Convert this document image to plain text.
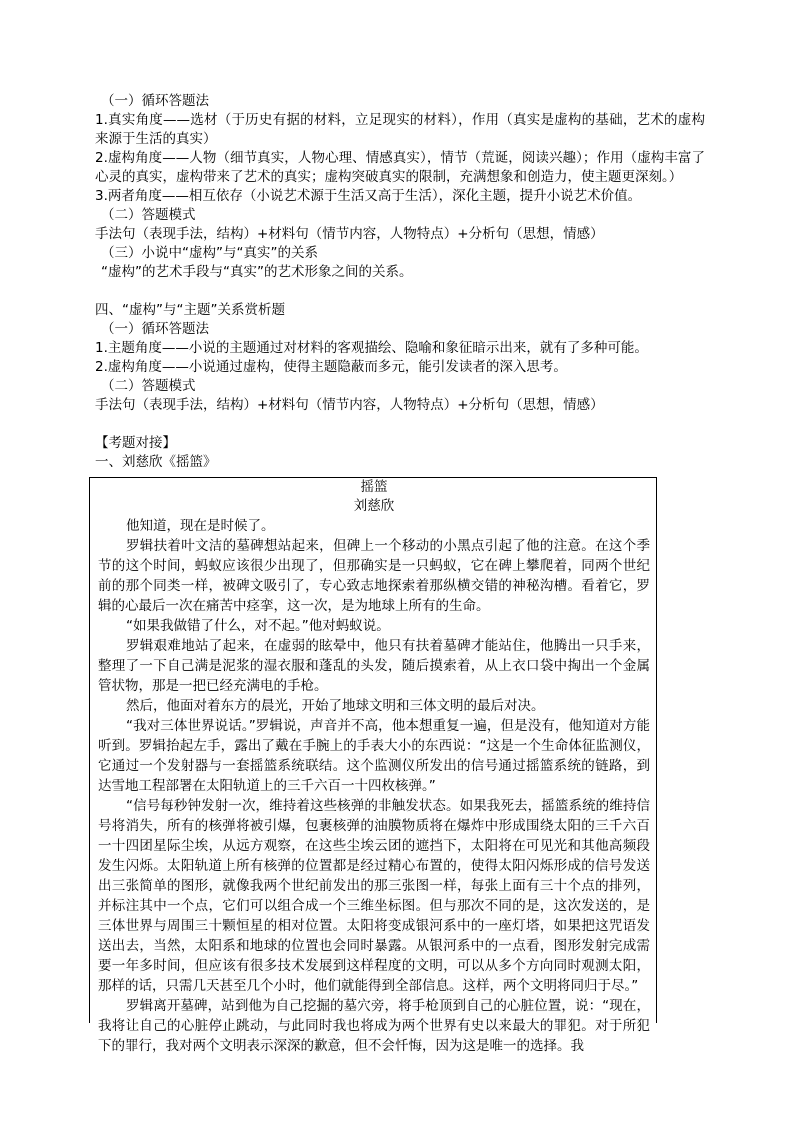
（一）循环答题法
1.真实角度——选材（于历史有据的材料，立足现实的材料），作用（真实是虚构的基础，艺术的虚构来源于生活的真实）
2.虚构角度——人物（细节真实，人物心理、情感真实），情节（荒诞，阅读兴趣）；作用（虚构丰富了心灵的真实，虚构带来了艺术的真实；虚构突破真实的限制，充满想象和创造力，使主题更深刻。）
3.两者角度——相互依存（小说艺术源于生活又高于生活），深化主题，提升小说艺术价值。
（二）答题模式
手法句（表现手法，结构）+材料句（情节内容，人物特点）+分析句（思想，情感）
（三）小说中“虚构”与“真实”的关系
“虚构”的艺术手段与“真实”的艺术形象之间的关系。
四、“虚构”与“主题”关系赏析题
（一）循环答题法
1.主题角度——小说的主题通过对材料的客观描绘、隐喻和象征暗示出来，就有了多种可能。
2.虚构角度——小说通过虚构，使得主题隐蔽而多元，能引发读者的深入思考。
（二）答题模式
手法句（表现手法，结构）+材料句（情节内容，人物特点）+分析句（思想，情感）
【考题对接】
一、刘慈欣《摇篮》
摇篮
刘慈欣

他知道，现在是时候了。

罗辑扶着叶文洁的墓碑想站起来，但碑上一个移动的小黑点引起了他的注意。在这个季节的这个时间，蚂蚁应该很少出现了，但那确实是一只蚂蚁，它在碑上攀爬着，同两个世纪前的那个同类一样，被碑文吸引了，专心致志地探索着那纵横交错的神秘沟槽。看着它，罗辑的心最后一次在痛苦中痉挛，这一次，是为地球上所有的生命。

“如果我做错了什么，对不起。”他对蚂蚁说。

罗辑艰难地站了起来，在虚弱的眩晕中，他只有扶着墓碑才能站住，他腾出一只手来，整理了一下自己满是泥浆的湿衣服和蓬乱的头发，随后摸索着，从上衣口袋中掏出一个金属管状物，那是一把已经充满电的手枪。

然后，他面对着东方的晨光，开始了地球文明和三体文明的最后对决。

“我对三体世界说话。”罗辑说，声音并不高，他本想重复一遍，但是没有，他知道对方能听到。罗辑抬起左手，露出了戴在手腕上的手表大小的东西说：“这是一个生命体征监测仪，它通过一个发射器与一套摇篮系统联结。这个监测仪所发出的信号通过摇篮系统的链路，到达雪地工程部署在太阳轨道上的三千六百一十四枚核弹。”

“信号每秒钟发射一次，维持着这些核弹的非触发状态。如果我死去，摇篮系统的维持信号将消失，所有的核弹将被引爆，包裹核弹的油膜物质将在爆炸中形成围绕太阳的三千六百一十四团星际尘埃，从远方观察，在这些尘埃云团的遮挡下，太阳将在可见光和其他高频段发生闪烁。太阳轨道上所有核弹的位置都是经过精心布置的，使得太阳闪烁形成的信号发送出三张简单的图形，就像我两个世纪前发出的那三张图一样，每张上面有三十个点的排列，并标注其中一个点，它们可以组合成一个三维坐标图。但与那次不同的是，这次发送的，是三体世界与周围三十颗恒星的相对位置。太阳将变成银河系中的一座灯塔，如果把这咒语发送出去，当然，太阳系和地球的位置也会同时暴露。从银河系中的一点看，图形发射完成需要一年多时间，但应该有很多技术发展到这样程度的文明，可以从多个方向同时观测太阳，那样的话，只需几天甚至几个小时，他们就能得到全部信息。这样，两个文明将同归于尽。”

罗辑离开墓碑，站到他为自己挖掘的墓穴旁，将手枪顶到自己的心脏位置，说：“现在，我将让自己的心脏停止跳动，与此同时我也将成为两个世界有史以来最大的罪犯。对于所犯下的罪行，我对两个文明表示深深的歉意，但不会忏悔，因为这是唯一的选择。我
